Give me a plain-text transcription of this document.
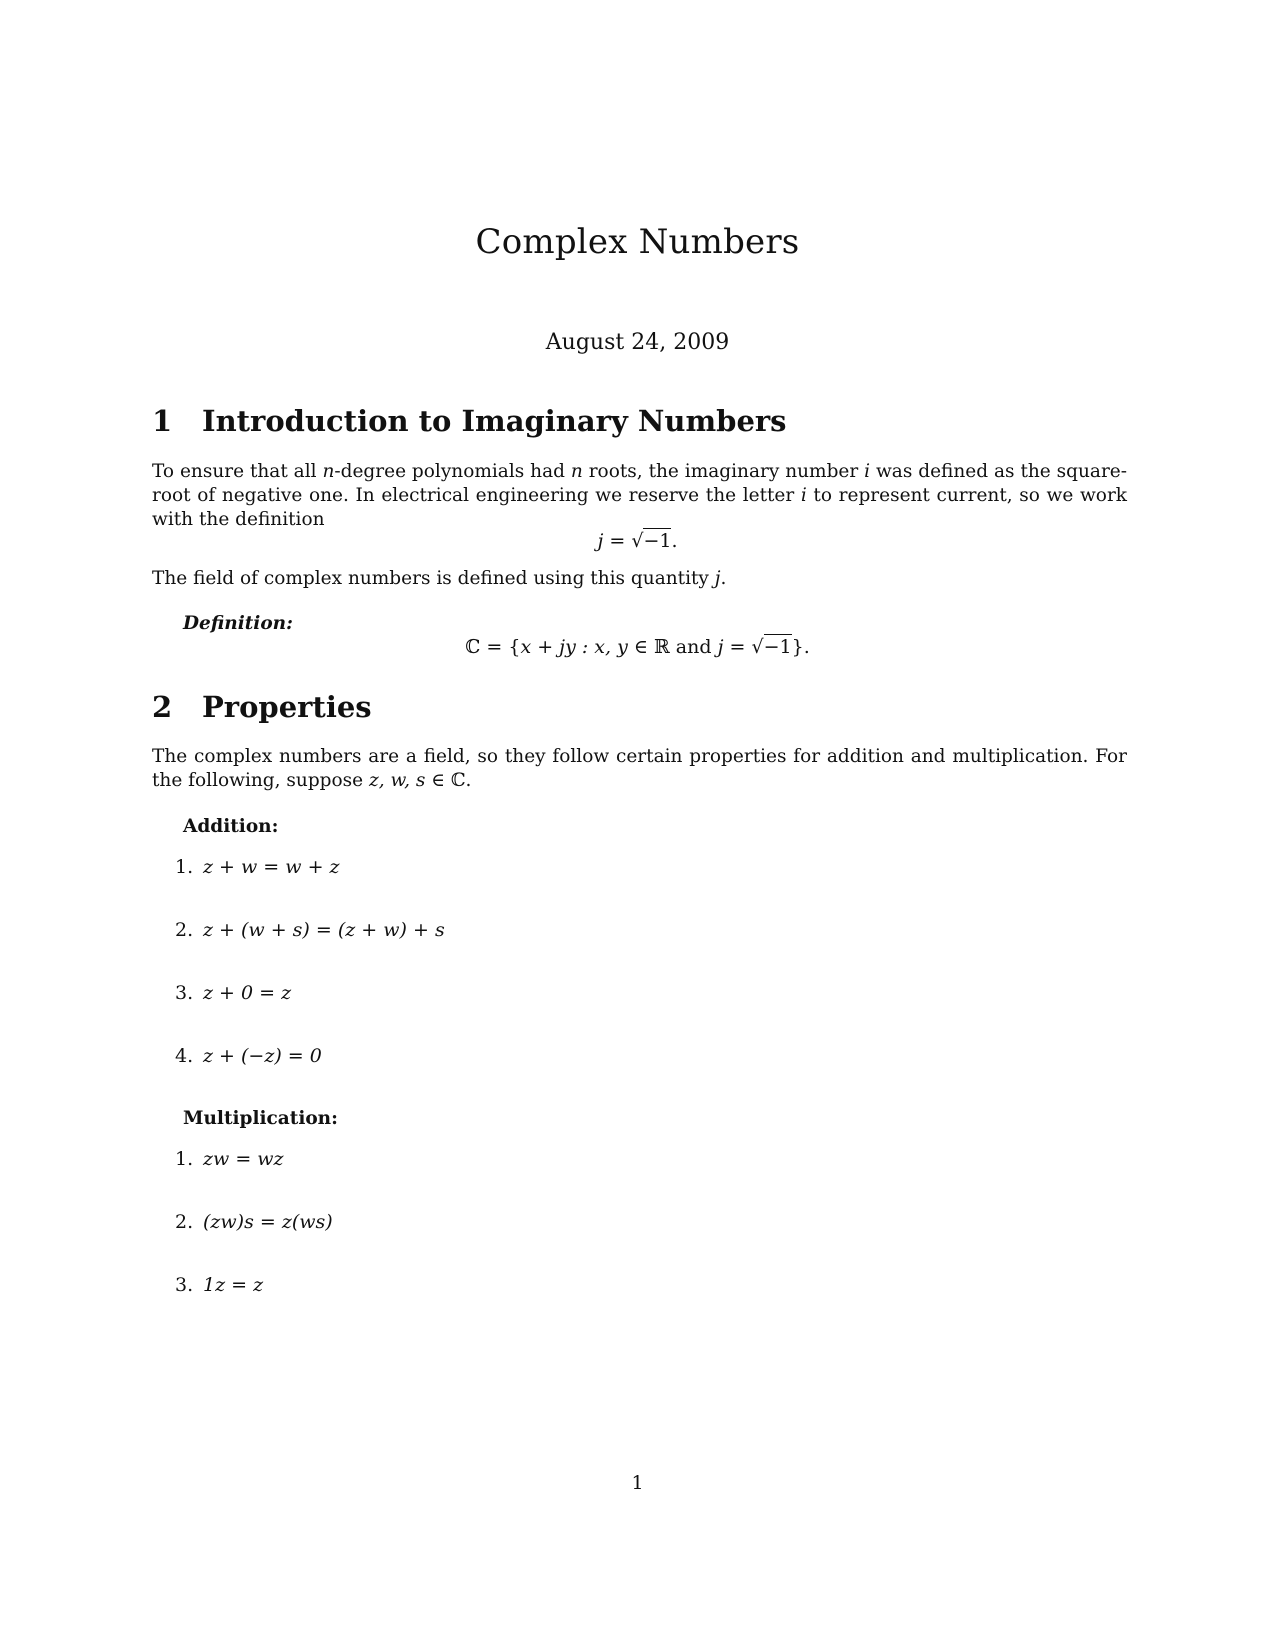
Complex Numbers
August 24, 2009
1 Introduction to Imaginary Numbers

To ensure that all n-degree polynomials had n roots, the imaginary number i was defined as the square-root of negative one. In electrical engineering we reserve the letter i to represent current, so we work with the definition

j = √−1.

The field of complex numbers is defined using this quantity j.

Definition:
ℂ = {x + jy : x, y ∈ ℝ and j = √−1}.
2 Properties

The complex numbers are a field, so they follow certain properties for addition and multiplication. For the following, suppose z, w, s ∈ ℂ.

Addition:
1. z + w = w + z
2. z + (w + s) = (z + w) + s
3. z + 0 = z
4. z + (−z) = 0
Multiplication:
1. zw = wz
2. (zw)s = z(ws)
3. 1z = z
1
